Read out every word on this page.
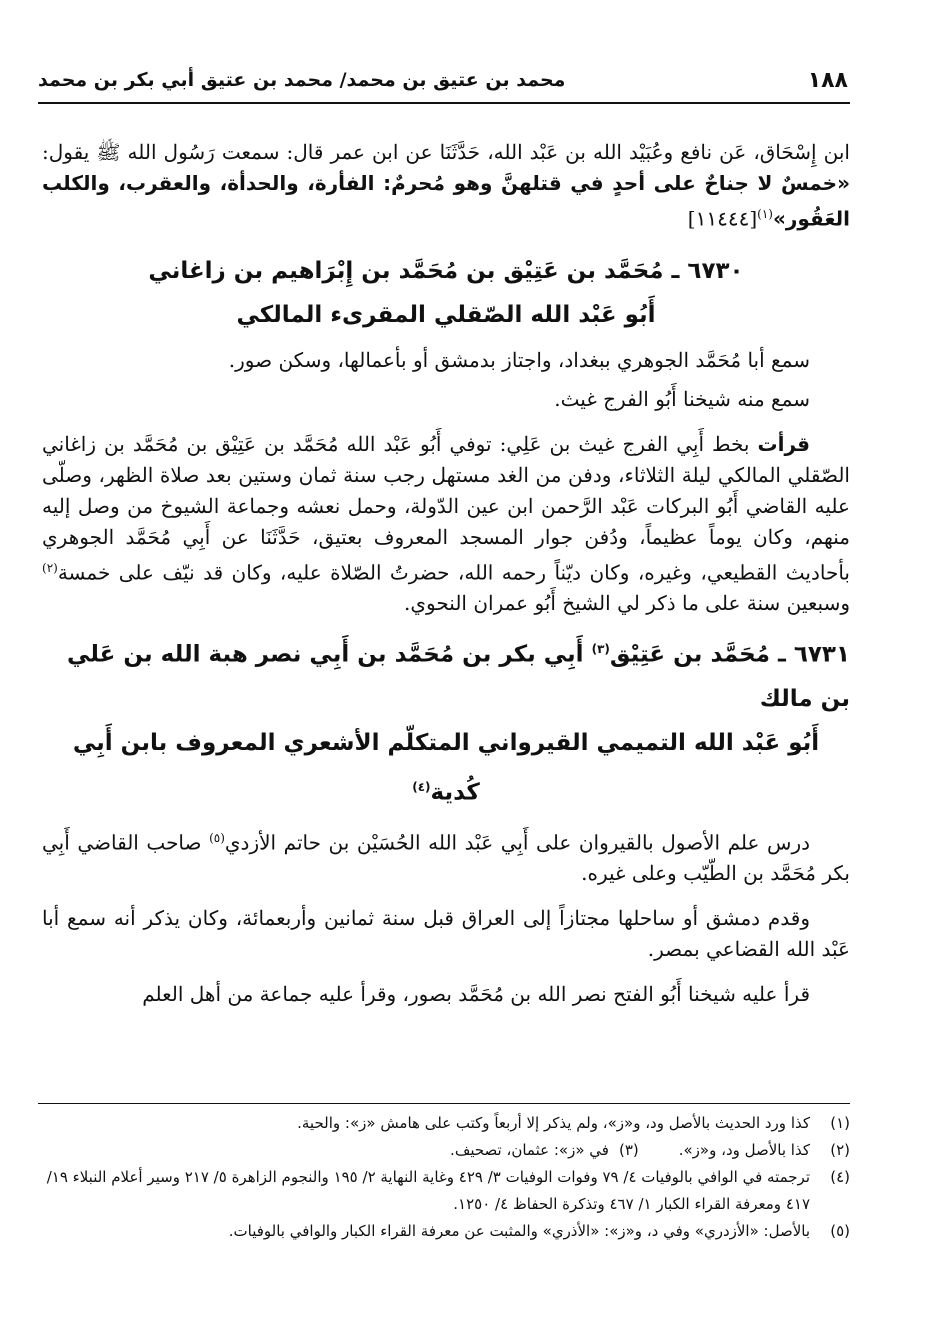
١٨٨
محمد بن عتيق بن محمد/ محمد بن عتيق أبي بكر بن محمد

ابن إِسْحَاق، عَن نافع وعُبَيْد الله بن عَبْد الله، حَدَّثَنَا عن ابن عمر قال: سمعت رَسُول الله ﷺ يقول: «خمسٌ لا جناحٌ على أحدٍ في قتلهنَّ وهو مُحرمٌ: الفأرة، والحدأة، والعقرب، والكلب العَقُور»$^{(١)}$[١١٤٤٤]

٦٧٣٠ ـ مُحَمَّد بن عَتِيْق بن مُحَمَّد بن إِبْرَاهيم بن زاغاني

أَبُو عَبْد الله الصّقلي المقرىء المالكي

سمع أبا مُحَمَّد الجوهري ببغداد، واجتاز بدمشق أو بأعمالها، وسكن صور.

سمع منه شيخنا أَبُو الفرج غيث.

قرأت بخط أَبِي الفرج غيث بن عَلِي: توفي أَبُو عَبْد الله مُحَمَّد بن عَتِيْق بن مُحَمَّد بن زاغاني الصّقلي المالكي ليلة الثلاثاء، ودفن من الغد مستهل رجب سنة ثمان وستين بعد صلاة الظهر، وصلّى عليه القاضي أَبُو البركات عَبْد الرَّحمن ابن عين الدّولة، وحمل نعشه وجماعة الشيوخ من وصل إليه منهم، وكان يوماً عظيماً، ودُفن جوار المسجد المعروف بعتيق، حَدَّثَنَا عن أَبِي مُحَمَّد الجوهري بأحاديث القطيعي، وغيره، وكان ديّناً رحمه الله، حضرتُ الصّلاة عليه، وكان قد نيّف على خمسة$^{(٢)}$ وسبعين سنة على ما ذكر لي الشيخ أَبُو عمران النحوي.

٦٧٣١ ـ مُحَمَّد بن عَتِيْق$^{(٣)}$ أَبِي بكر بن مُحَمَّد بن أَبِي نصر هبة الله بن عَلي بن مالك

أَبُو عَبْد الله التميمي القيرواني المتكلّم الأشعري المعروف بابن أَبِي كُدية$^{(٤)}$

درس علم الأصول بالقيروان على أَبِي عَبْد الله الحُسَيْن بن حاتم الأزدي$^{(٥)}$ صاحب القاضي أَبِي بكر مُحَمَّد بن الطّيّب وعلى غيره.

وقدم دمشق أو ساحلها مجتازاً إلى العراق قبل سنة ثمانين وأربعمائة، وكان يذكر أنه سمع أبا عَبْد الله القضاعي بمصر.

قرأ عليه شيخنا أَبُو الفتح نصر الله بن مُحَمَّد بصور، وقرأ عليه جماعة من أهل العلم

(١)
كذا ورد الحديث بالأصل ود، و«ز»، ولم يذكر إلا أربعاً وكتب على هامش «ز»: والحية.

(٢)كذا بالأصل ود، و«ز».
(٣)في «ز»: عثمان، تصحيف.

(٤)
ترجمته في الوافي بالوفيات ٤/ ٧٩ وفوات الوفيات ٣/ ٤٢٩ وغاية النهاية ٢/ ١٩٥ والنجوم الزاهرة ٥/ ٢١٧ وسير أعلام النبلاء ١٩/ ٤١٧ ومعرفة القراء الكبار ١/ ٤٦٧ وتذكرة الحفاظ ٤/ ١٢٥٠.

(٥)
بالأصل: «الأزدري» وفي د، و«ز»: «الأذري» والمثبت عن معرفة القراء الكبار والوافي بالوفيات.
